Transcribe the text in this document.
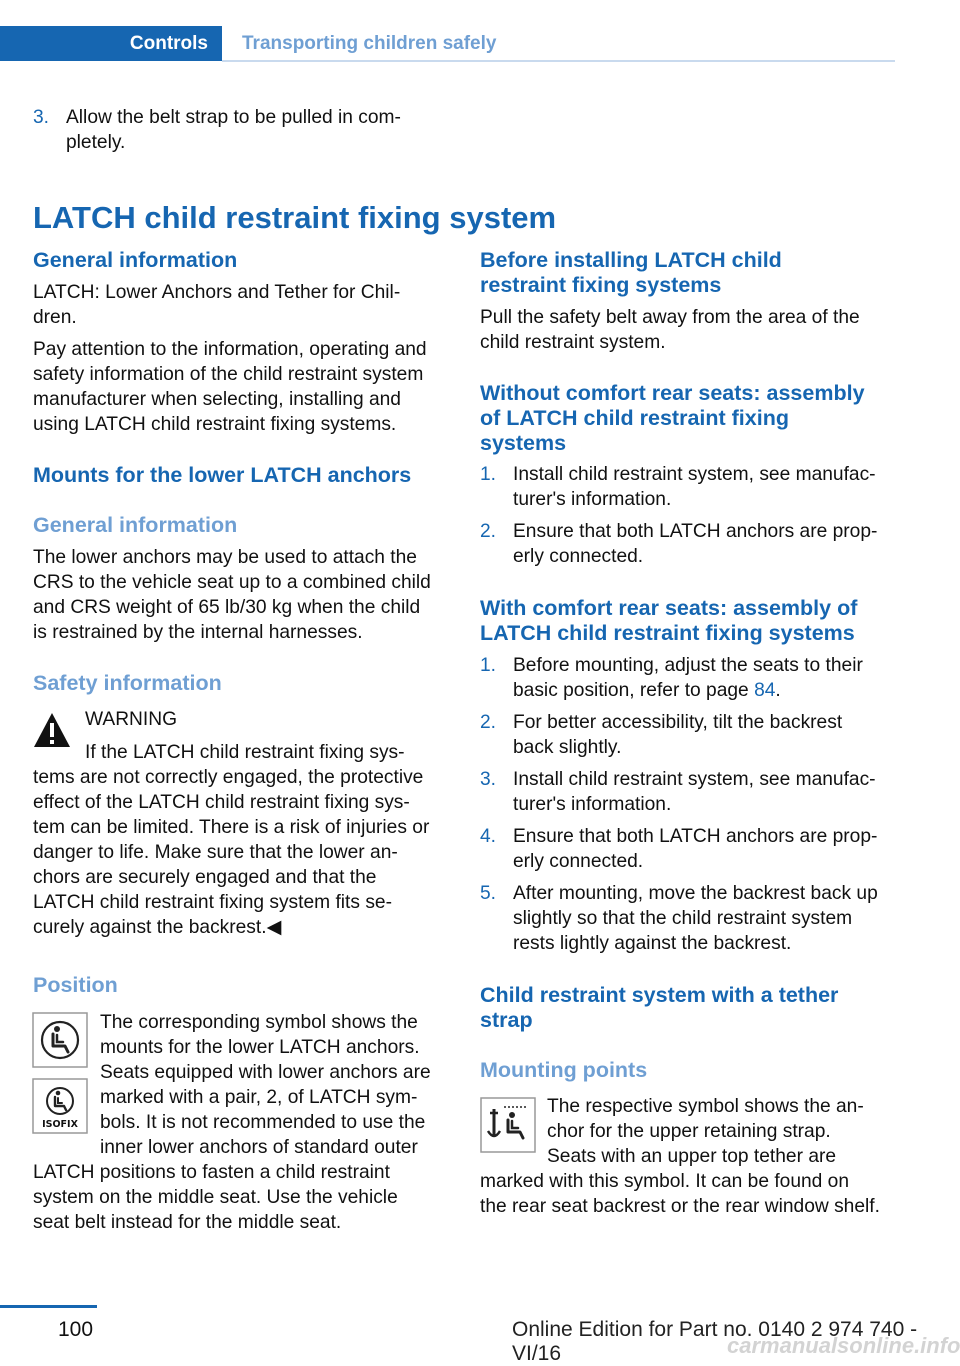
Controls	Transporting children safely
3. Allow the belt strap to be pulled in com-
pletely.
LATCH child restraint fixing system
General information

LATCH: Lower Anchors and Tether for Chil-
dren.

Pay attention to the information, operating and
safety information of the child restraint system
manufacturer when selecting, installing and
using LATCH child restraint fixing systems.

Mounts for the lower LATCH anchors
General information

The lower anchors may be used to attach the
CRS to the vehicle seat up to a combined child
and CRS weight of 65 lb/30 kg when the child
is restrained by the internal harnesses.

Safety information

WARNING

If the LATCH child restraint fixing sys-

tems are not correctly engaged, the protective
effect of the LATCH child restraint fixing sys-
tem can be limited. There is a risk of injuries or
danger to life. Make sure that the lower an-
chors are securely engaged and that the
LATCH child restraint fixing system fits se-
curely against the backrest.◀

Position
ISOFIX

The corresponding symbol shows the
mounts for the lower LATCH anchors.
Seats equipped with lower anchors are
marked with a pair, 2, of LATCH sym-
bols. It is not recommended to use the
inner lower anchors of standard outer

LATCH positions to fasten a child restraint
system on the middle seat. Use the vehicle
seat belt instead for the middle seat.

Before installing LATCH child
restraint fixing systems

Pull the safety belt away from the area of the
child restraint system.

Without comfort rear seats: assembly
of LATCH child restraint fixing
systems
1. Install child restraint system, see manufac-
turer's information.

2. Ensure that both LATCH anchors are prop-
erly connected.

With comfort rear seats: assembly of
LATCH child restraint fixing systems
1. Before mounting, adjust the seats to their
basic position, refer to page 84.

2. For better accessibility, tilt the backrest
back slightly.

3. Install child restraint system, see manufac-
turer's information.

4. Ensure that both LATCH anchors are prop-
erly connected.

5. After mounting, move the backrest back up
slightly so that the child restraint system
rests lightly against the backrest.

Child restraint system with a tether
strap
Mounting points

The respective symbol shows the an-
chor for the upper retaining strap.
Seats with an upper top tether are

marked with this symbol. It can be found on
the rear seat backrest or the rear window shelf.

100	Online Edition for Part no. 0140 2 974 740 - VI/16	carmanualsonline.info
